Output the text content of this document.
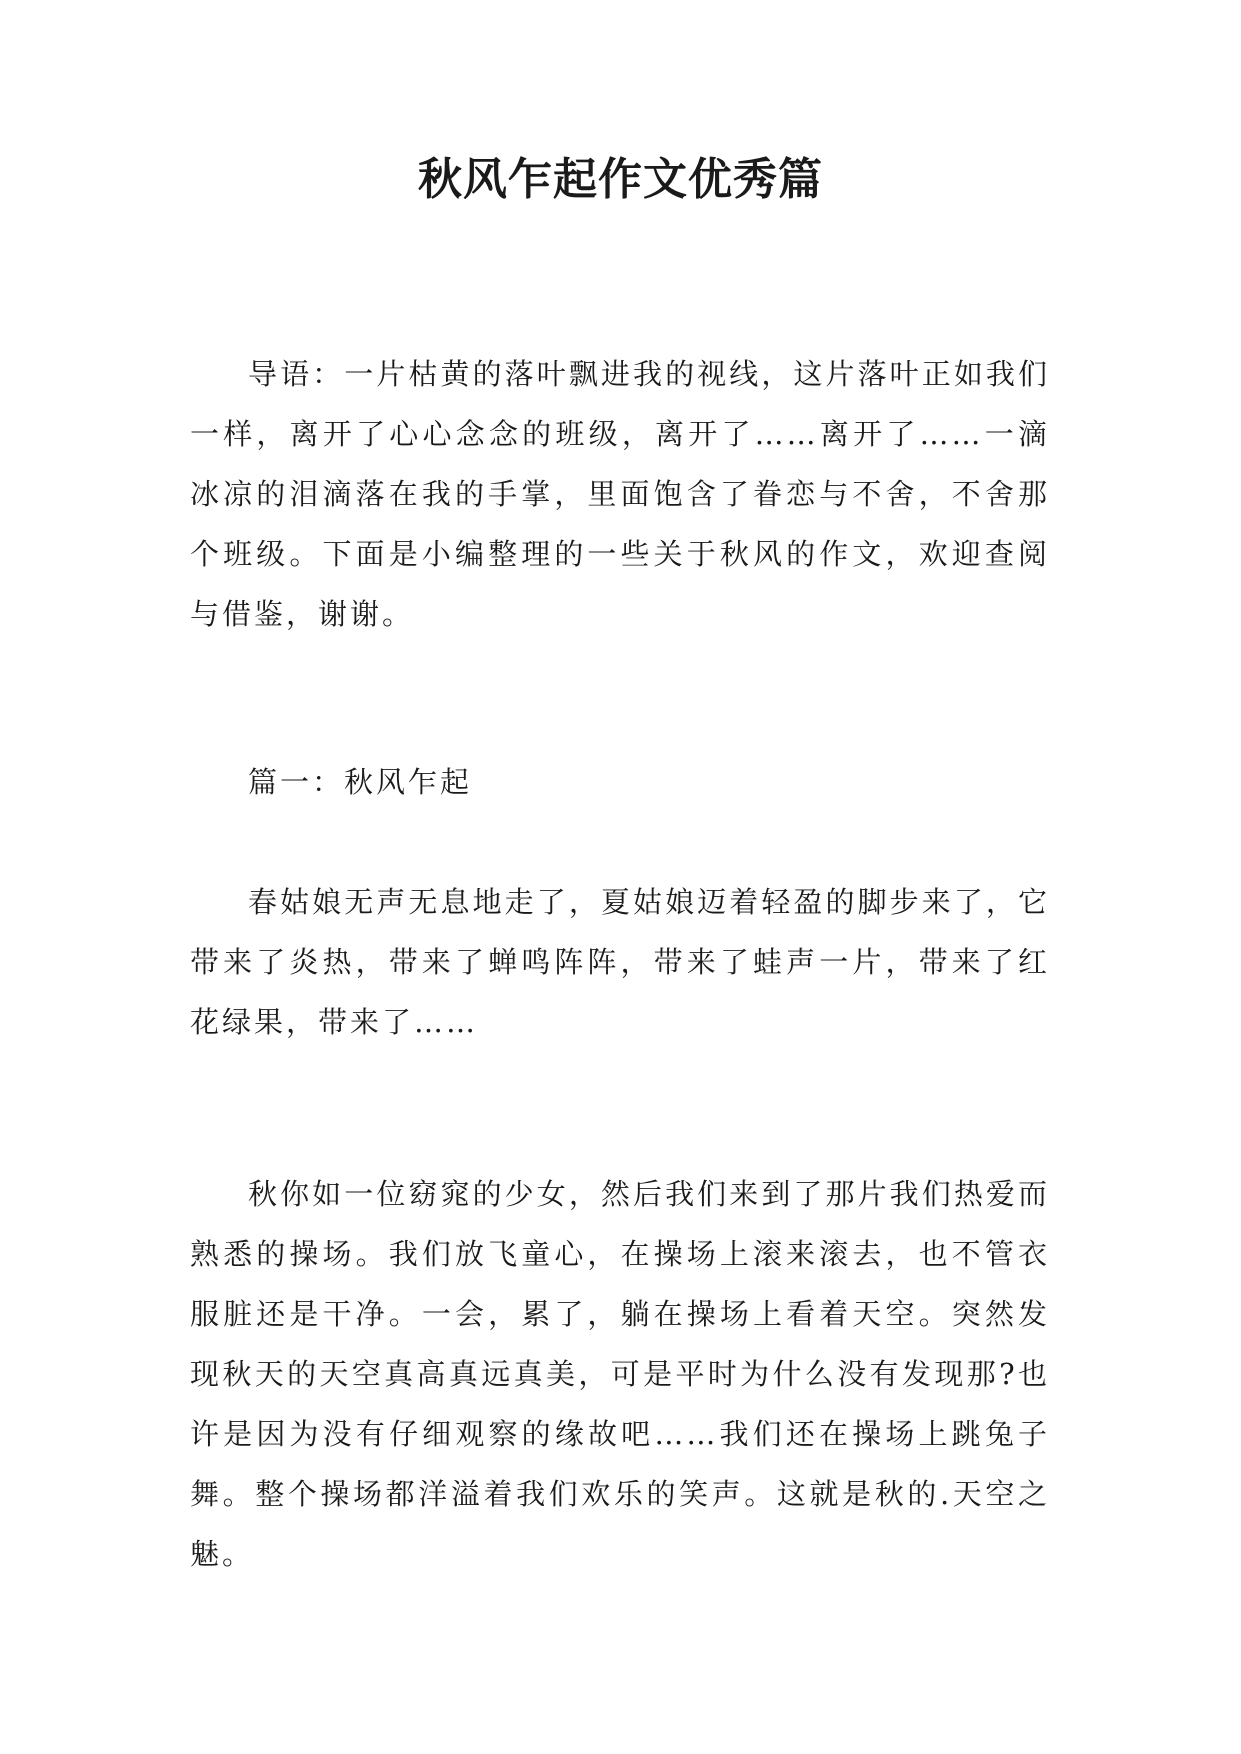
秋风乍起作文优秀篇

导语：一片枯黄的落叶飘进我的视线，这片落叶正如我们一样，离开了心心念念的班级，离开了……离开了……一滴冰凉的泪滴落在我的手掌，里面饱含了眷恋与不舍，不舍那个班级。下面是小编整理的一些关于秋风的作文，欢迎查阅与借鉴，谢谢。

篇一：秋风乍起

春姑娘无声无息地走了，夏姑娘迈着轻盈的脚步来了，它带来了炎热，带来了蝉鸣阵阵，带来了蛙声一片，带来了红花绿果，带来了……

秋你如一位窈窕的少女，然后我们来到了那片我们热爱而熟悉的操场。我们放飞童心，在操场上滚来滚去，也不管衣服脏还是干净。一会，累了，躺在操场上看着天空。突然发现秋天的天空真高真远真美，可是平时为什么没有发现那?也许是因为没有仔细观察的缘故吧……我们还在操场上跳兔子舞。整个操场都洋溢着我们欢乐的笑声。这就是秋的.天空之魅。
